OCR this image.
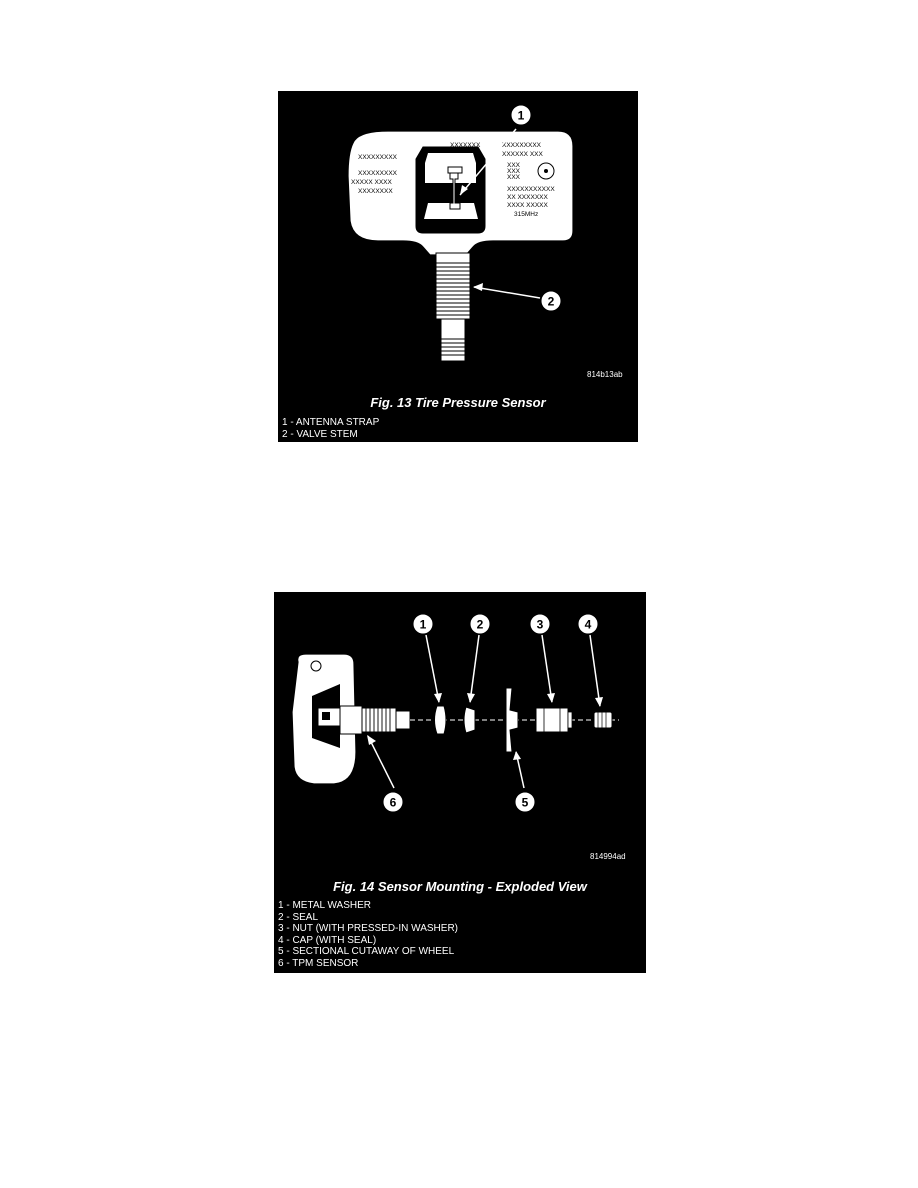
XXXXXXX
XXXXXXXXX
XXXXXXXXX
XXXXX XXXX
XXXXXXXX
XXXXXXXXX
XXXXXX XXX
XXX
XXX
XXX
XXXXXXXXXXX
XX XXXXXXX
XXXX XXXXX
315MHz
1
2
814b13ab
Fig. 13 Tire Pressure Sensor
1 - ANTENNA STRAP
2 - VALVE STEM
1	2	3	4
5
6
814994ad
Fig. 14 Sensor Mounting - Exploded View
1 - METAL WASHER
2 - SEAL
3 - NUT (WITH PRESSED-IN WASHER)
4 - CAP (WITH SEAL)
5 - SECTIONAL CUTAWAY OF WHEEL
6 - TPM SENSOR
